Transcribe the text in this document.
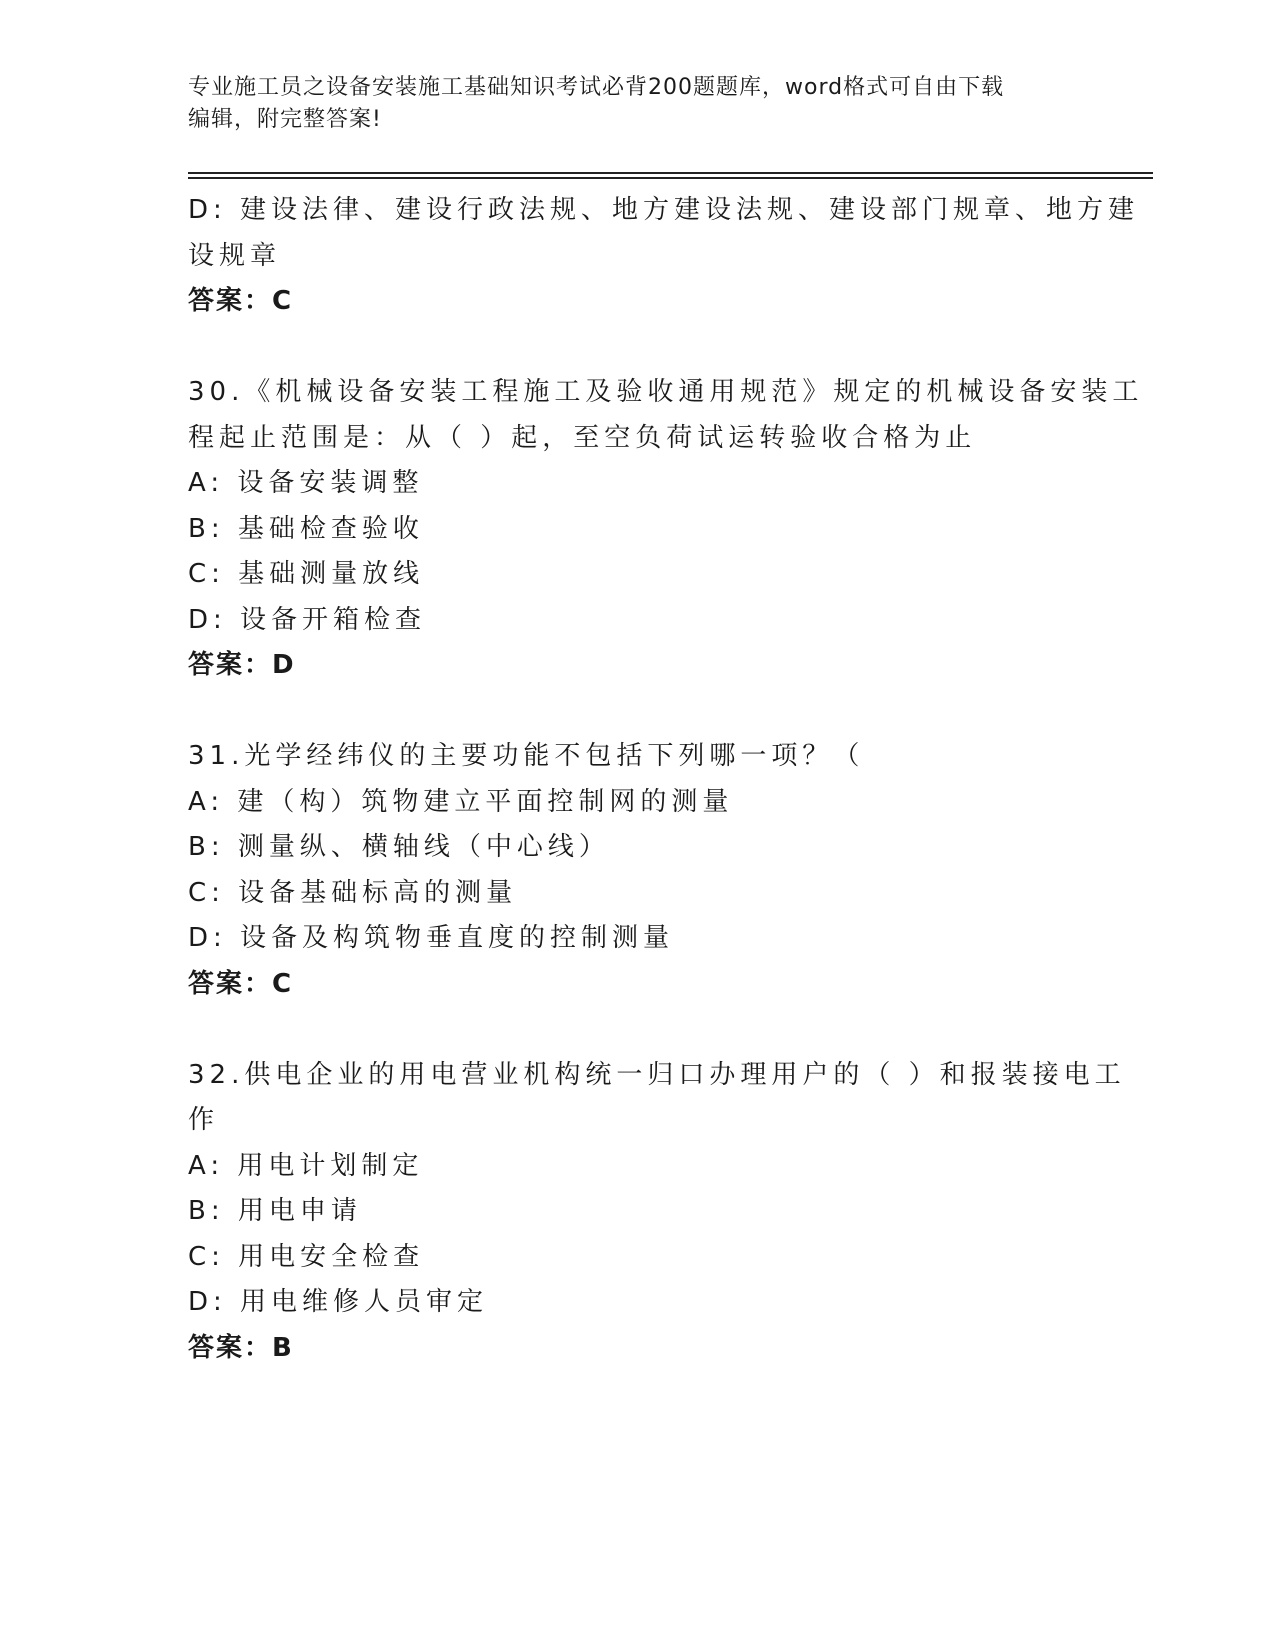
专业施工员之设备安装施工基础知识考试必背200题题库，word格式可自由下载
编辑，附完整答案!
D: 建设法律、建设行政法规、地方建设法规、建设部门规章、地方建
设规章
答案：C
30.《机械设备安装工程施工及验收通用规范》规定的机械设备安装工
程起止范围是：从（ ）起，至空负荷试运转验收合格为止
A: 设备安装调整
B: 基础检查验收
C: 基础测量放线
D: 设备开箱检查
答案：D
31.光学经纬仪的主要功能不包括下列哪一项？（
A: 建（构）筑物建立平面控制网的测量
B: 测量纵、横轴线（中心线）
C: 设备基础标高的测量
D: 设备及构筑物垂直度的控制测量
答案：C
32.供电企业的用电营业机构统一归口办理用户的（ ）和报装接电工
作
A: 用电计划制定
B: 用电申请
C: 用电安全检查
D: 用电维修人员审定
答案：B
